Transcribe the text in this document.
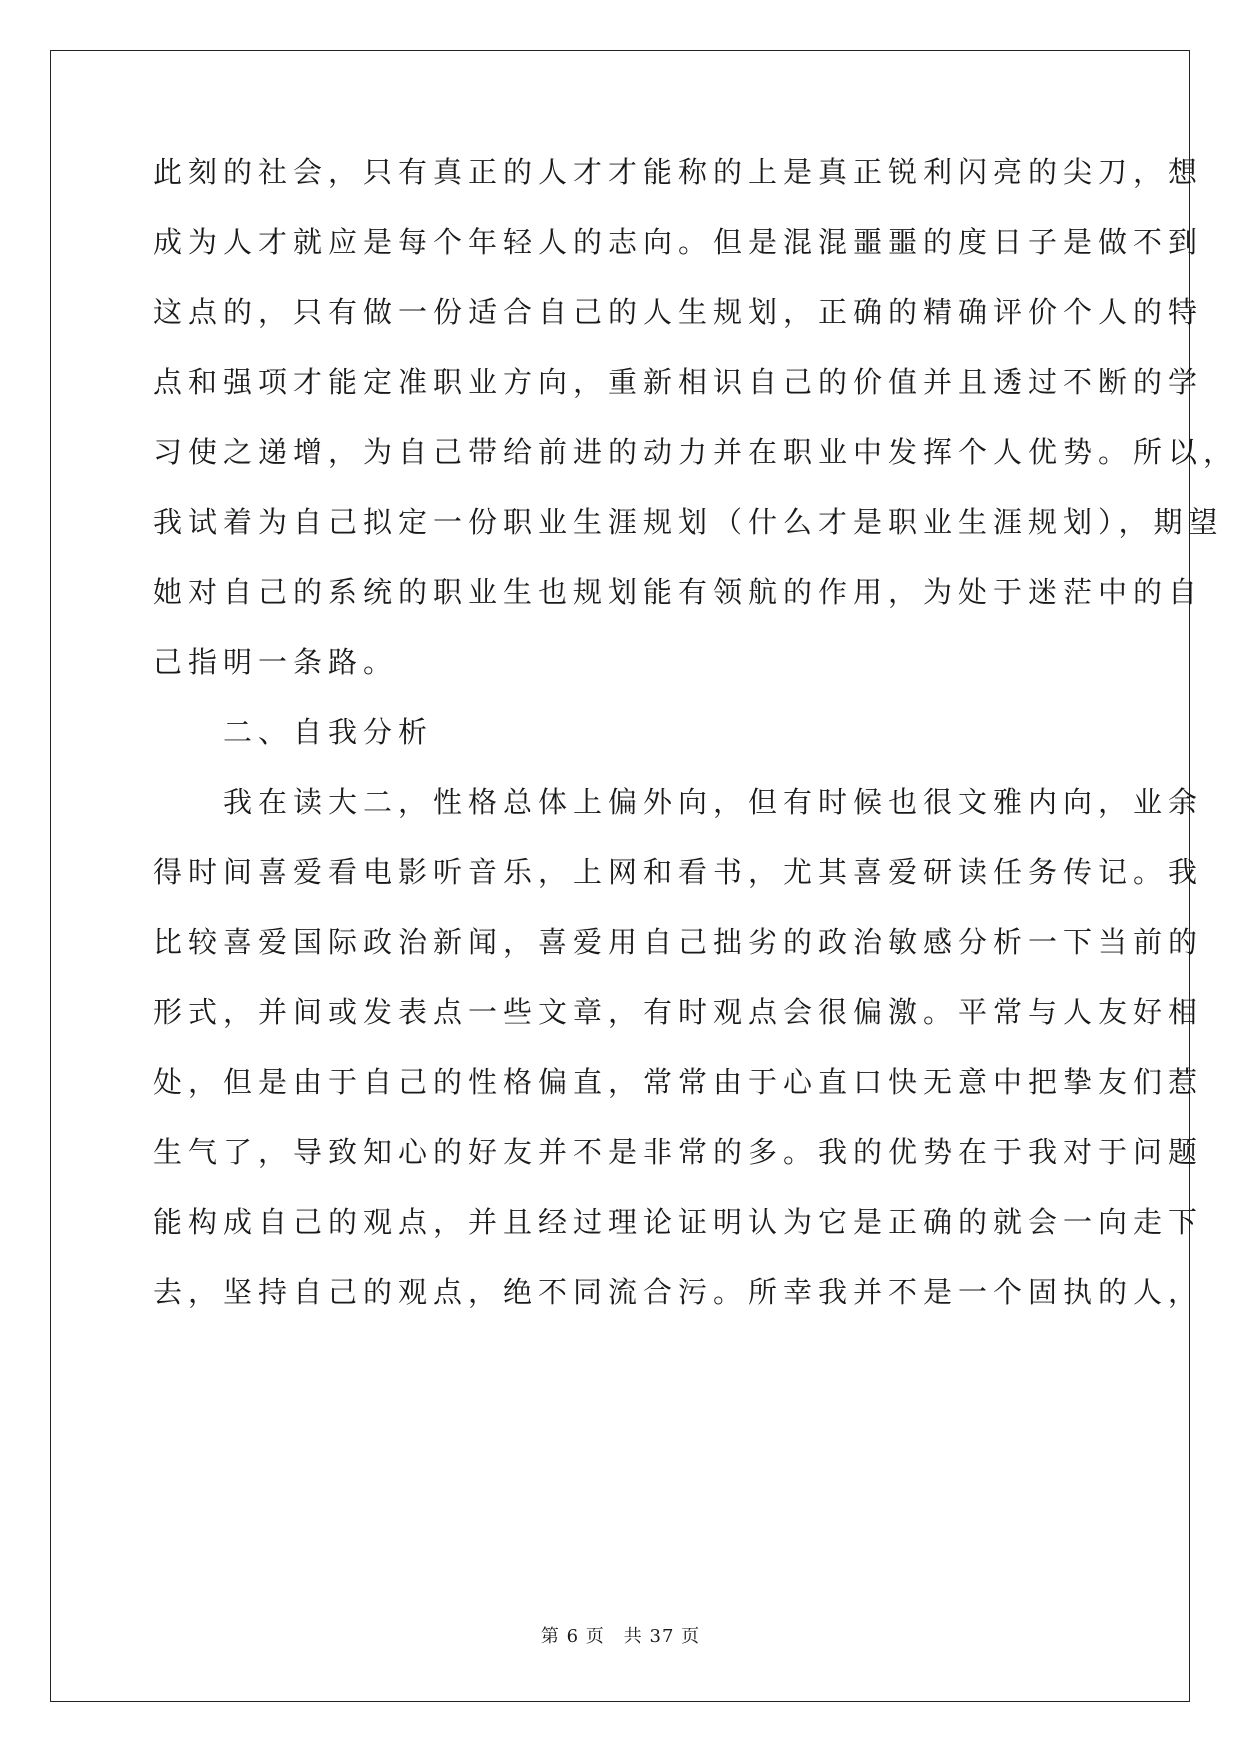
此刻的社会，只有真正的人才才能称的上是真正锐利闪亮的尖刀，想
成为人才就应是每个年轻人的志向。但是混混噩噩的度日子是做不到
这点的，只有做一份适合自己的人生规划，正确的精确评价个人的特
点和强项才能定准职业方向，重新相识自己的价值并且透过不断的学
习使之递增，为自己带给前进的动力并在职业中发挥个人优势。所以，
我试着为自己拟定一份职业生涯规划（什么才是职业生涯规划），期望
她对自己的系统的职业生也规划能有领航的作用，为处于迷茫中的自
己指明一条路。
　　二、自我分析
　　我在读大二，性格总体上偏外向，但有时候也很文雅内向，业余
得时间喜爱看电影听音乐，上网和看书，尤其喜爱研读任务传记。我
比较喜爱国际政治新闻，喜爱用自己拙劣的政治敏感分析一下当前的
形式，并间或发表点一些文章，有时观点会很偏激。平常与人友好相
处，但是由于自己的性格偏直，常常由于心直口快无意中把挚友们惹
生气了，导致知心的好友并不是非常的多。我的优势在于我对于问题
能构成自己的观点，并且经过理论证明认为它是正确的就会一向走下
去，坚持自己的观点，绝不同流合污。所幸我并不是一个固执的人，
第 6 页　共 37 页
